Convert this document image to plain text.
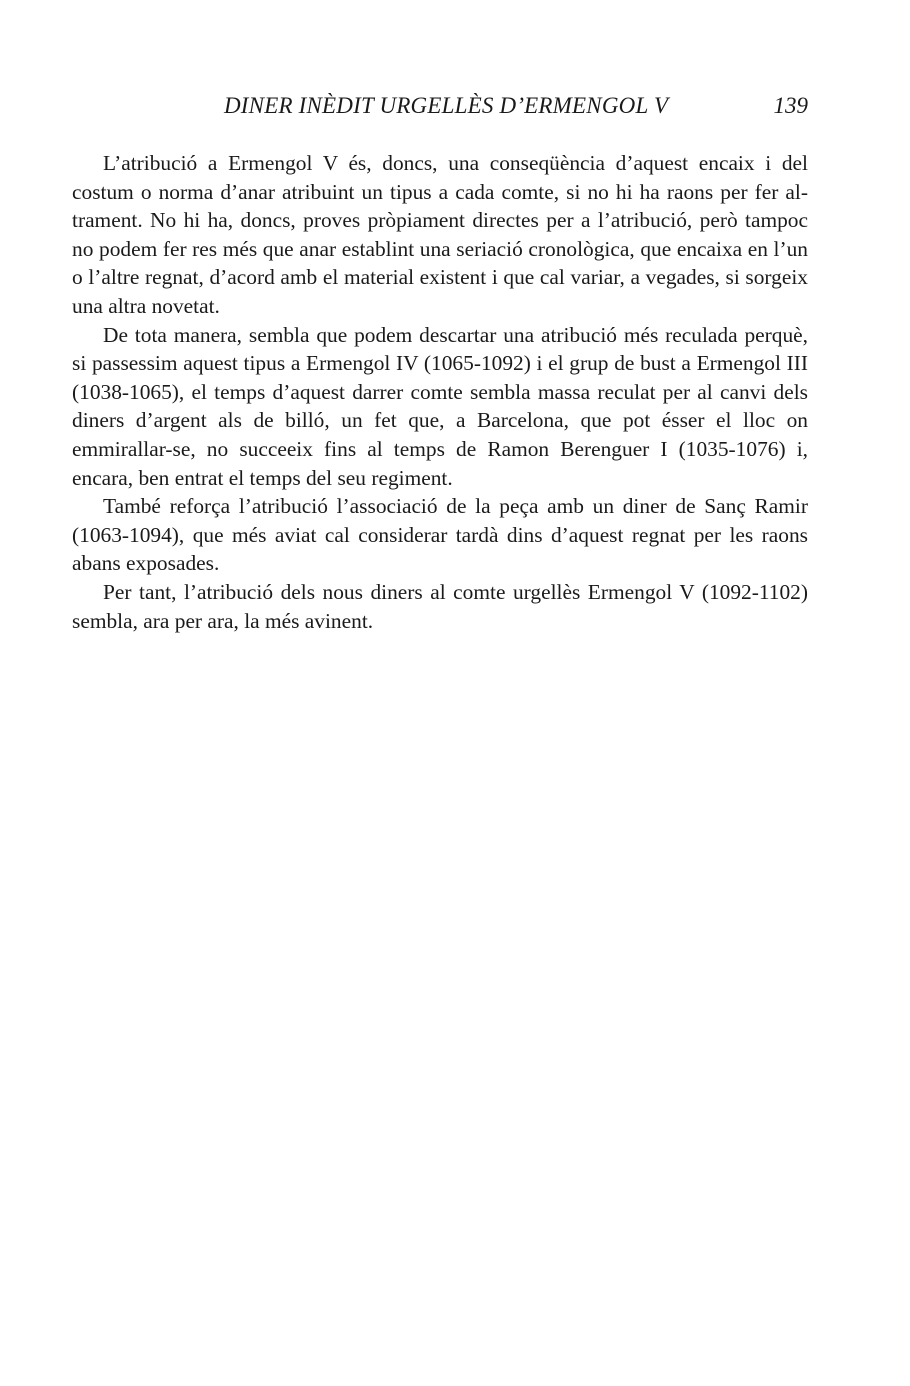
DINER INÈDIT URGELLÈS D’ERMENGOL V	139

L’atribució a Ermengol V és, doncs, una conseqüència d’aquest encaix i del costum o norma d’anar atribuint un tipus a cada comte, si no hi ha raons per fer altrament. No hi ha, doncs, proves pròpiament directes per a l’atribució, però tampoc no podem fer res més que anar establint una seriació cronològica, que encaixa en l’un o l’altre regnat, d’acord amb el material existent i que cal variar, a vegades, si sorgeix una altra novetat.

De tota manera, sembla que podem descartar una atribució més reculada perquè, si passessim aquest tipus a Ermengol IV (1065-1092) i el grup de bust a Ermengol III (1038-1065), el temps d’aquest darrer comte sembla massa reculat per al canvi dels diners d’argent als de billó, un fet que, a Barcelona, que pot ésser el lloc on emmirallar-se, no succeeix fins al temps de Ramon Berenguer I (1035-1076) i, encara, ben entrat el temps del seu regiment.

També reforça l’atribució l’associació de la peça amb un diner de Sanç Ramir (1063-1094), que més aviat cal considerar tardà dins d’aquest regnat per les raons abans exposades.

Per tant, l’atribució dels nous diners al comte urgellès Ermengol V (1092-1102) sembla, ara per ara, la més avinent.
